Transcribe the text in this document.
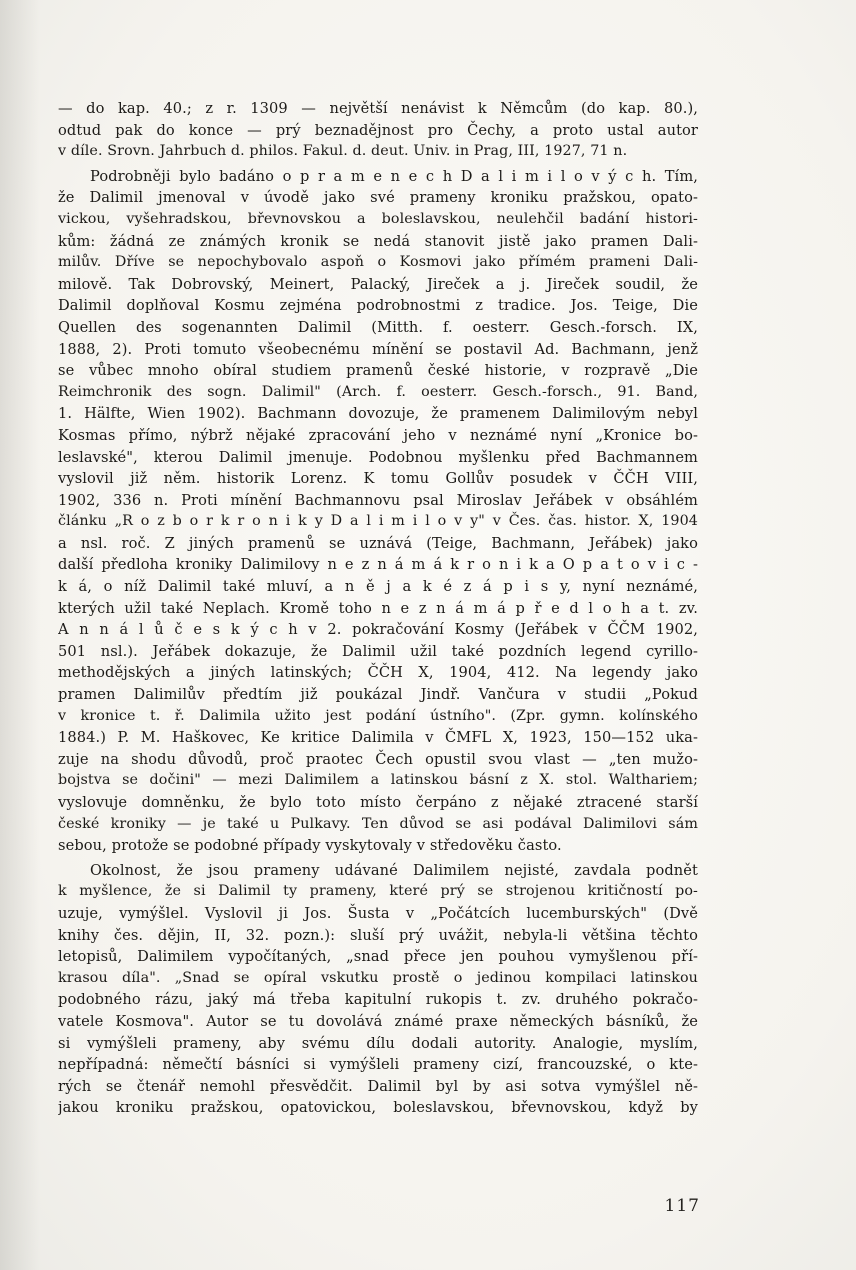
— do kap. 40.; z r. 1309 — největší nenávist k Němcům (do kap. 80.),
odtud pak do konce — prý beznadějnost pro Čechy, a proto ustal autor
v díle. Srovn. Jahrbuch d. philos. Fakul. d. deut. Univ. in Prag, III, 1927, 71 n.
Podrobněji bylo badáno o p r a m e n e c h D a l i m i l o v ý c h. Tím,
že Dalimil jmenoval v úvodě jako své prameny kroniku pražskou, opato-
vickou, vyšehradskou, břevnovskou a boleslavskou, neulehčil badání histori-
kům: žádná ze známých kronik se nedá stanovit jistě jako pramen Dali-
milův. Dříve se nepochybovalo aspoň o Kosmovi jako přímém prameni Dali-
milově. Tak Dobrovský, Meinert, Palacký, Jireček a j. Jireček soudil, že
Dalimil doplňoval Kosmu zejména podrobnostmi z tradice. Jos. Teige, Die
Quellen des sogenannten Dalimil (Mitth. f. oesterr. Gesch.-forsch. IX,
1888, 2). Proti tomuto všeobecnému mínění se postavil Ad. Bachmann, jenž
se vůbec mnoho obíral studiem pramenů české historie, v rozpravě „Die
Reimchronik des sogn. Dalimil" (Arch. f. oesterr. Gesch.-forsch., 91. Band,
1. Hälfte, Wien 1902). Bachmann dovozuje, že pramenem Dalimilovým nebyl
Kosmas přímo, nýbrž nějaké zpracování jeho v neznámé nyní „Kronice bo-
leslavské", kterou Dalimil jmenuje. Podobnou myšlenku před Bachmannem
vyslovil již něm. historik Lorenz. K tomu Gollův posudek v ČČH VIII,
1902, 336 n. Proti mínění Bachmannovu psal Miroslav Jeřábek v obsáhlém
článku „R o z b o r k r o n i k y D a l i m i l o v y" v Čes. čas. histor. X, 1904
a nsl. roč. Z jiných pramenů se uznává (Teige, Bachmann, Jeřábek) jako
další předloha kroniky Dalimilovy n e z n á m á k r o n i k a O p a t o v i c -
k á, o níž Dalimil také mluví, a n ě j a k é z á p i s y, nyní neznámé,
kterých užil také Neplach. Kromě toho n e z n á m á p ř e d l o h a t. zv.
A n n á l ů č e s k ý c h v 2. pokračování Kosmy (Jeřábek v ČČM 1902,
501 nsl.). Jeřábek dokazuje, že Dalimil užil také pozdních legend cyrillo-
methodějských a jiných latinských; ČČH X, 1904, 412. Na legendy jako
pramen Dalimilův předtím již poukázal Jindř. Vančura v studii „Pokud
v kronice t. ř. Dalimila užito jest podání ústního". (Zpr. gymn. kolínského
1884.) P. M. Haškovec, Ke kritice Dalimila v ČMFL X, 1923, 150—152 uka-
zuje na shodu důvodů, proč praotec Čech opustil svou vlast — „ten mužo-
bojstva se dočini" — mezi Dalimilem a latinskou básní z X. stol. Walthariem;
vyslovuje domněnku, že bylo toto místo čerpáno z nějaké ztracené starší
české kroniky — je také u Pulkavy. Ten důvod se asi podával Dalimilovi sám
sebou, protože se podobné případy vyskytovaly v středověku často.
Okolnost, že jsou prameny udávané Dalimilem nejisté, zavdala podnět
k myšlence, že si Dalimil ty prameny, které prý se strojenou kritičností po-
uzuje, vymýšlel. Vyslovil ji Jos. Šusta v „Počátcích lucemburských" (Dvě
knihy čes. dějin, II, 32. pozn.): sluší prý uvážit, nebyla-li většina těchto
letopisů, Dalimilem vypočítaných, „snad přece jen pouhou vymyšlenou pří-
krasou díla". „Snad se opíral vskutku prostě o jedinou kompilaci latinskou
podobného rázu, jaký má třeba kapitulní rukopis t. zv. druhého pokračo-
vatele Kosmova". Autor se tu dovolává známé praxe německých básníků, že
si vymýšleli prameny, aby svému dílu dodali autority. Analogie, myslím,
nepřípadná: němečtí básníci si vymýšleli prameny cizí, francouzské, o kte-
rých se čtenář nemohl přesvědčit. Dalimil byl by asi sotva vymýšlel ně-
jakou kroniku pražskou, opatovickou, boleslavskou, břevnovskou, když by
117
